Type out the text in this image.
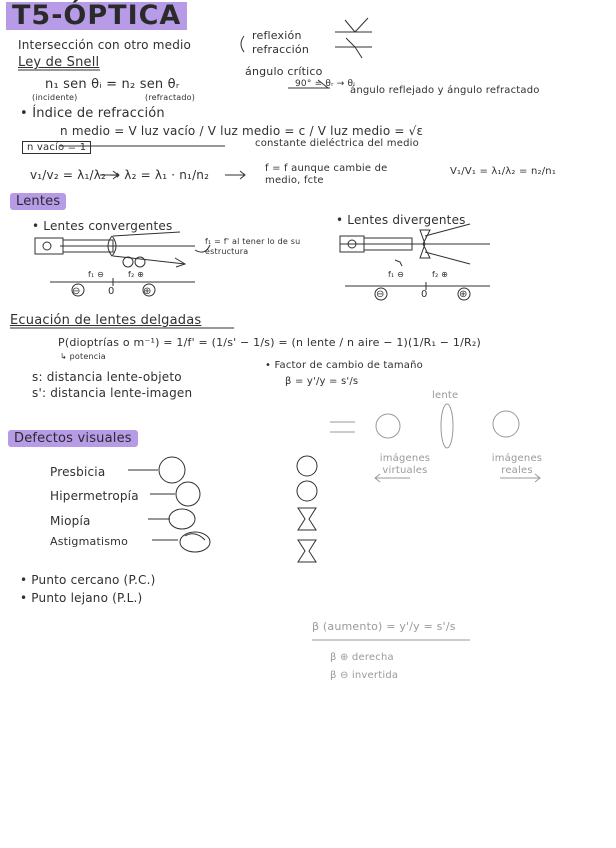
T5-ÓPTICA
Intersección con otro medio
reflexión
refracción
Ley de Snell
ángulo crítico
90° = θᵣ → θᵢ
n₁ sen θᵢ = n₂ sen θᵣ
(incidente)	(refractado)
ángulo reflejado y ángulo refractado
• Índice de refracción
n medio = V luz vacío / V luz medio = c / V luz medio = √ε
n vacío = 1	constante dieléctrica del medio
v₁/v₂ = λ₁/λ₂ → λ₂ = λ₁ · n₁/n₂	f = f aunque cambie de medio, fcte
V₁/V₁ = λ₁/λ₂ = n₂/n₁
Lentes
• Lentes convergentes	• Lentes divergentes
f₁ = f' al tener lo de su estructura
f₁ ⊖	f₂ ⊕	f₁ ⊖	f₂ ⊕
⊖	0	⊕	⊖	0	⊕
Ecuación de lentes delgadas
P(dioptrías o m⁻¹) = 1/f' = (1/s' − 1/s) = (n lente / n aire − 1)(1/R₁ − 1/R₂)
↳ potencia
s: distancia lente-objeto
s': distancia lente-imagen
• Factor de cambio de tamaño
β = y'/y = s'/s
lente
imágenes virtuales
imágenes reales
Defectos visuales
Presbicia
Hipermetropía
Miopía
Astigmatismo
• Punto cercano (P.C.)
• Punto lejano (P.L.)
β (aumento) = y'/y = s'/s
β ⊕ derecha
β ⊖ invertida
